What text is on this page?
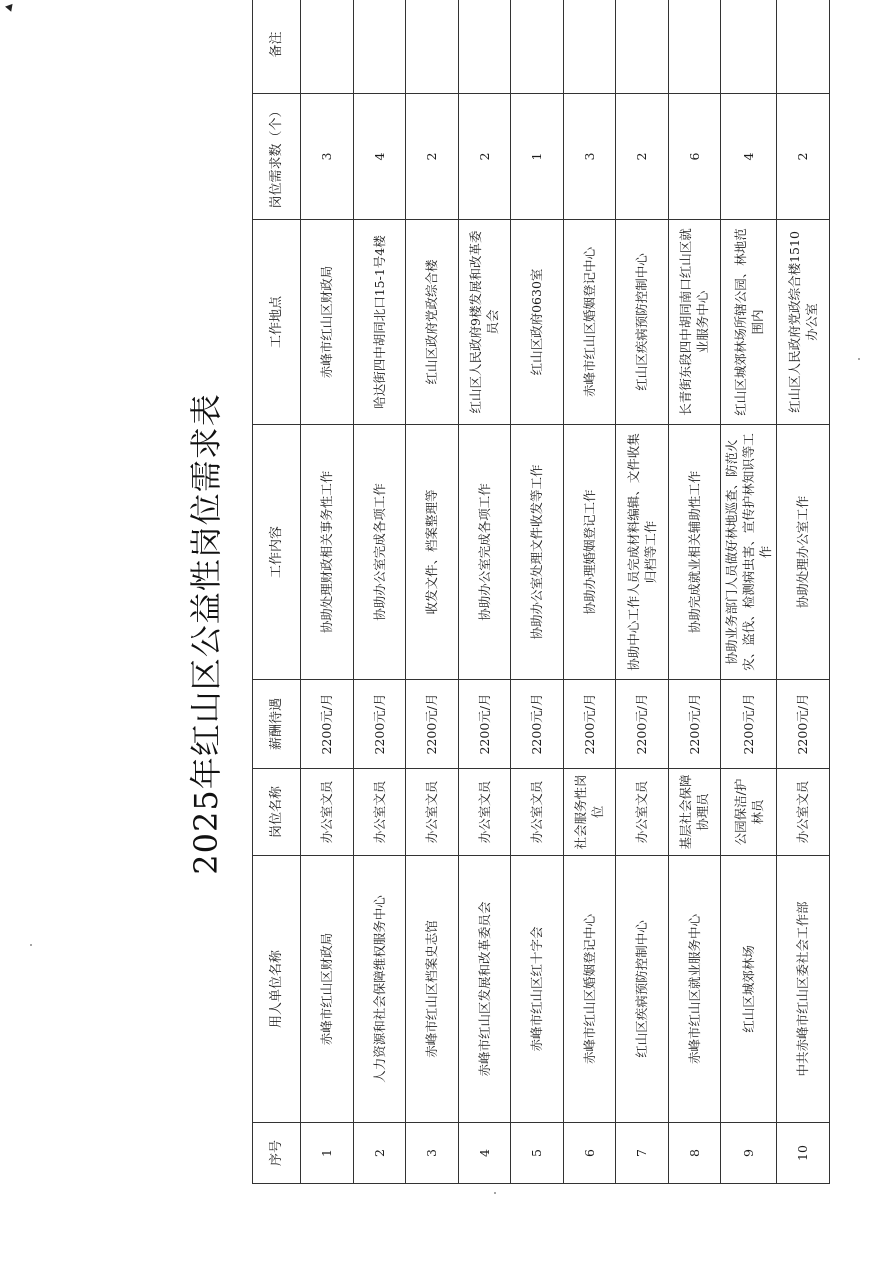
2025年红山区公益性岗位需求表
序号	用人单位名称	岗位名称	薪酬待遇	工作内容	工作地点	岗位需求数（个）	备注
1	赤峰市红山区财政局	办公室文员	2200元/月	协助处理财政相关事务性工作	赤峰市红山区财政局	3	
2	人力资源和社会保障维权服务中心	办公室文员	2200元/月	协助办公室完成各项工作	哈达街四中胡同北口15-1号4楼	4	
3	赤峰市红山区档案史志馆	办公室文员	2200元/月	收发文件、档案整理等	红山区政府党政综合楼	2	
4	赤峰市红山区发展和改革委员会	办公室文员	2200元/月	协助办公室完成各项工作	红山区人民政府9楼发展和改革委员会	2	
5	赤峰市红山区红十字会	办公室文员	2200元/月	协助办公室处理文件收发等工作	红山区政府0630室	1	
6	赤峰市红山区婚姻登记中心	社会服务性岗位	2200元/月	协助办理婚姻登记工作	赤峰市红山区婚姻登记中心	3	
7	红山区疾病预防控制中心	办公室文员	2200元/月	协助中心工作人员完成材料编辑、文件收集归档等工作	红山区疾病预防控制中心	2	
8	赤峰市红山区就业服务中心	基层社会保障协理员	2200元/月	协助完成就业相关辅助性工作	长青街东段四中胡同南口红山区就业服务中心	6	
9	红山区城郊林场	公园保洁/护林员	2200元/月	协助业务部门人员做好林地巡查、防范火灾、盗伐、检测病虫害、宣传护林知识等工作	红山区城郊林场所辖公园、林地范围内	4	
10	中共赤峰市红山区委社会工作部	办公室文员	2200元/月	协助处理办公室工作	红山区人民政府党政综合楼1510办公室	2	
